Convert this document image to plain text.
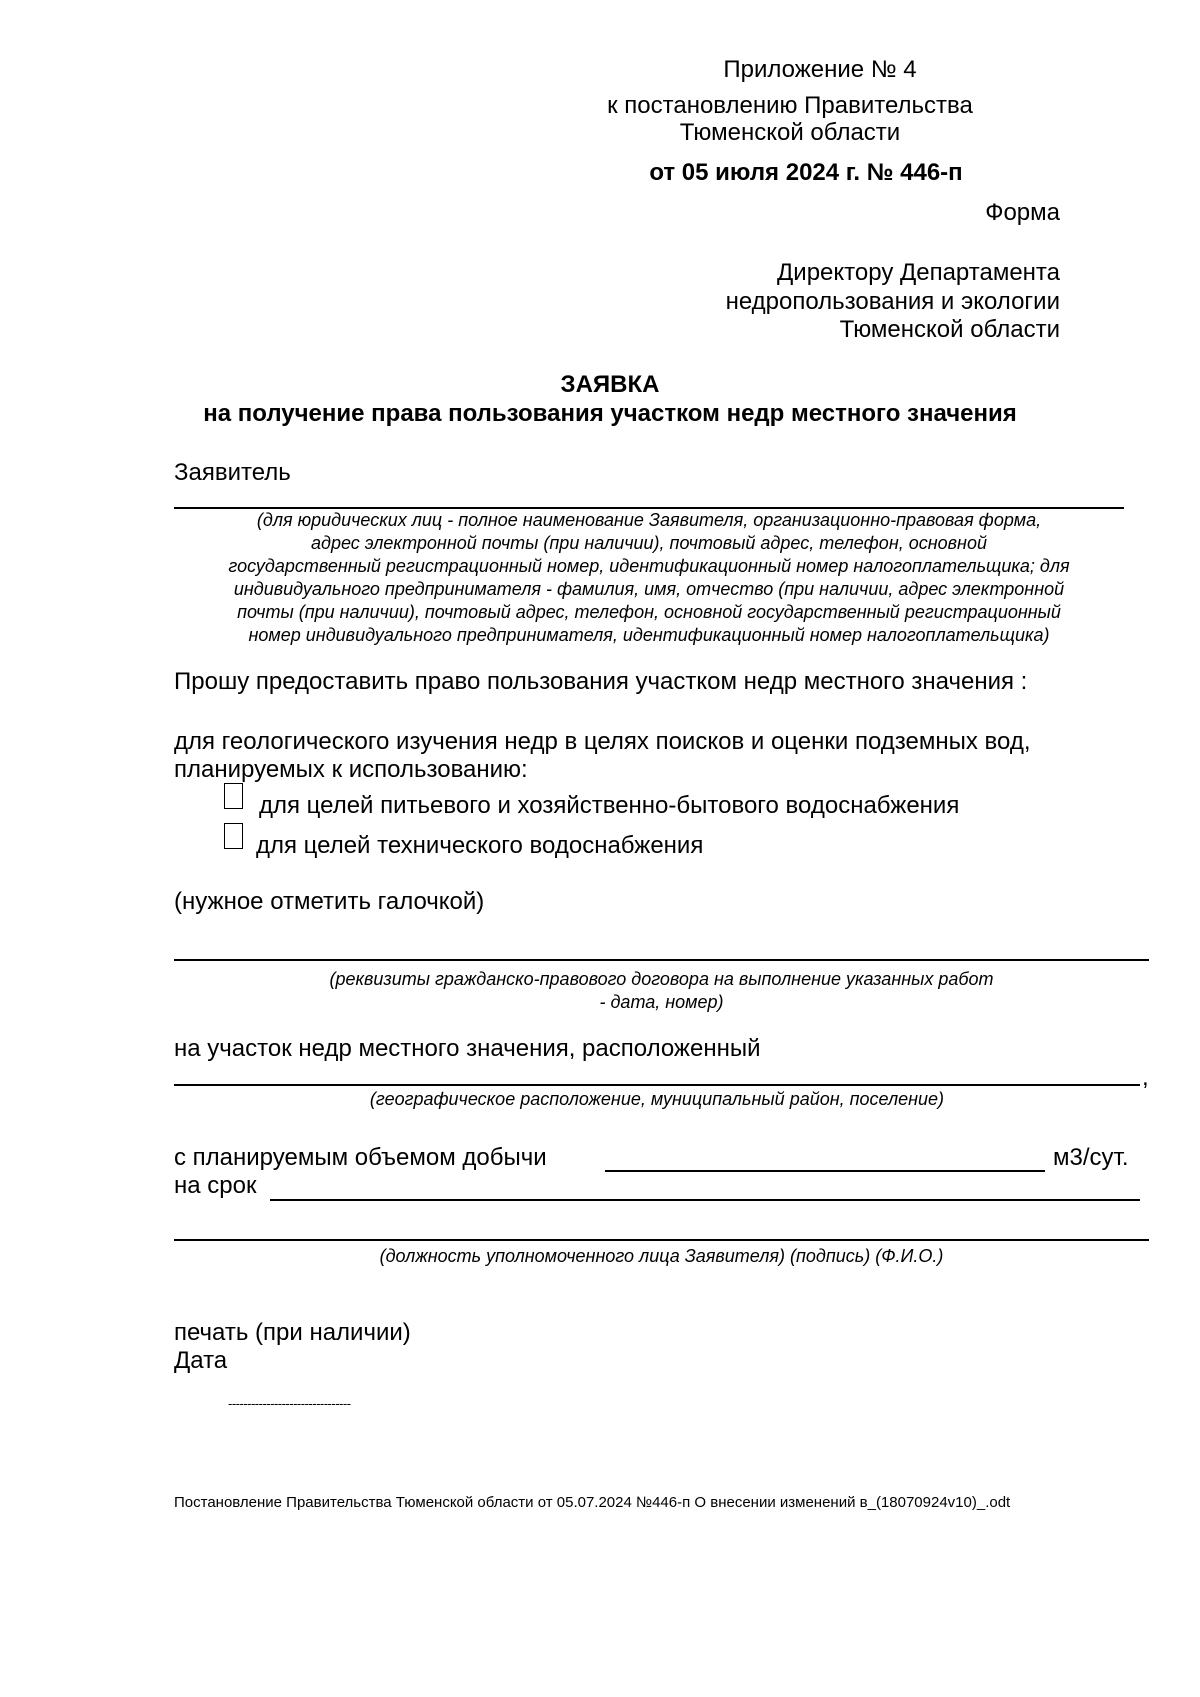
Приложение № 4
к постановлению Правительства
Тюменской области
от 05 июля 2024 г. № 446-п
Форма
Директору Департамента
недропользования и экологии
Тюменской области
ЗАЯВКА
на получение права пользования участком недр местного значения
Заявитель
(для юридических лиц - полное наименование Заявителя, организационно-правовая форма,
адрес электронной почты (при наличии), почтовый адрес, телефон, основной
государственный регистрационный номер, идентификационный номер налогоплательщика; для
индивидуального предпринимателя - фамилия, имя, отчество (при наличии, адрес электронной
почты (при наличии), почтовый адрес, телефон, основной государственный регистрационный
номер индивидуального предпринимателя, идентификационный номер налогоплательщика)
Прошу предоставить право пользования участком недр местного значения :
для геологического изучения недр в целях поисков и оценки подземных вод,
планируемых к использованию:
для целей питьевого и хозяйственно-бытового водоснабжения
для целей технического водоснабжения
(нужное отметить галочкой)
(реквизиты гражданско-правового договора на выполнение указанных работ
- дата, номер)
на участок недр местного значения, расположенный
,
(географическое расположение, муниципальный район, поселение)
с планируемым объемом добычи	м3/сут.
на срок
(должность уполномоченного лица Заявителя) (подпись) (Ф.И.О.)
печать (при наличии)
Дата
--------------------------------
Постановление Правительства Тюменской области от 05.07.2024 №446-п О внесении изменений в_(18070924v10)_.odt
